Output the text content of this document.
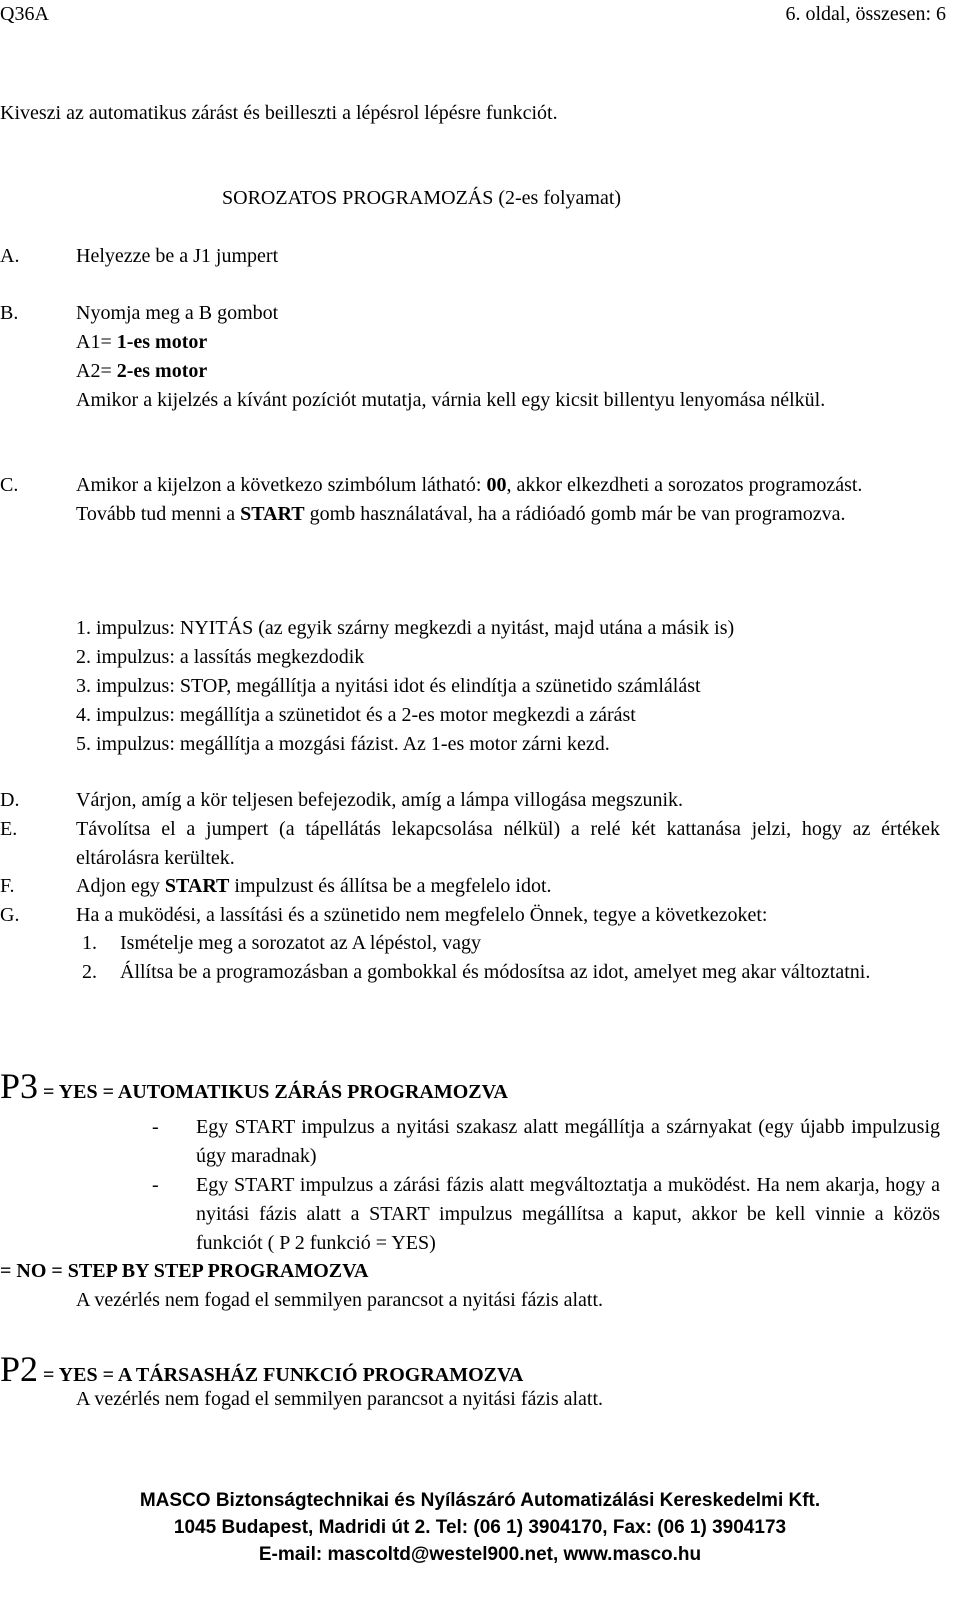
Q36A	6. oldal, összesen: 6
Kiveszi az automatikus zárást és beilleszti a lépésrol lépésre funkciót.
SOROZATOS PROGRAMOZÁS (2-es folyamat)
A.	Helyezze be a J1 jumpert
B.	Nyomja meg a B gombot
A1= 1-es motor
A2= 2-es motor
Amikor a kijelzés a kívánt pozíciót mutatja, várnia kell egy kicsit billentyu lenyomása nélkül.
C.	Amikor a kijelzon a következo szimbólum látható: 00, akkor elkezdheti a sorozatos programozást.
Tovább tud menni a START gomb használatával, ha a rádióadó gomb már be van programozva.
1. impulzus: NYITÁS (az egyik szárny megkezdi a nyitást, majd utána a másik is)
2. impulzus: a lassítás megkezdodik
3. impulzus: STOP, megállítja a nyitási idot és elindítja a szünetido számlálást
4. impulzus: megállítja a szünetidot és a 2-es motor megkezdi a zárást
5. impulzus: megállítja a mozgási fázist. Az 1-es motor zárni kezd.
D.	Várjon, amíg a kör teljesen befejezodik, amíg a lámpa villogása megszunik.
E.	Távolítsa el a jumpert (a tápellátás lekapcsolása nélkül) a relé két kattanása jelzi, hogy az értékek eltárolásra kerültek.
F.	Adjon egy START impulzust és állítsa be a megfelelo idot.
G.	Ha a muködési, a lassítási és a szünetido nem megfelelo Önnek, tegye a következoket:
1. Ismételje meg a sorozatot az A lépéstol, vagy
2. Állítsa be a programozásban a gombokkal és módosítsa az idot, amelyet meg akar változtatni.
P3 = YES = AUTOMATIKUS ZÁRÁS PROGRAMOZVA
- Egy START impulzus a nyitási szakasz alatt megállítja a szárnyakat (egy újabb impulzusig úgy maradnak)
- Egy START impulzus a zárási fázis alatt megváltoztatja a muködést. Ha nem akarja, hogy a nyitási fázis alatt a START impulzus megállítsa a kaput, akkor be kell vinnie a közös funkciót ( P 2 funkció = YES)
= NO = STEP BY STEP PROGRAMOZVA
A vezérlés nem fogad el semmilyen parancsot a nyitási fázis alatt.
P2 = YES = A TÁRSASHÁZ FUNKCIÓ PROGRAMOZVA
A vezérlés nem fogad el semmilyen parancsot a nyitási fázis alatt.
MASCO Biztonságtechnikai és Nyílászáró Automatizálási Kereskedelmi Kft.
1045 Budapest, Madridi út 2. Tel: (06 1) 3904170, Fax: (06 1) 3904173
E-mail: mascoltd@westel900.net, www.masco.hu
